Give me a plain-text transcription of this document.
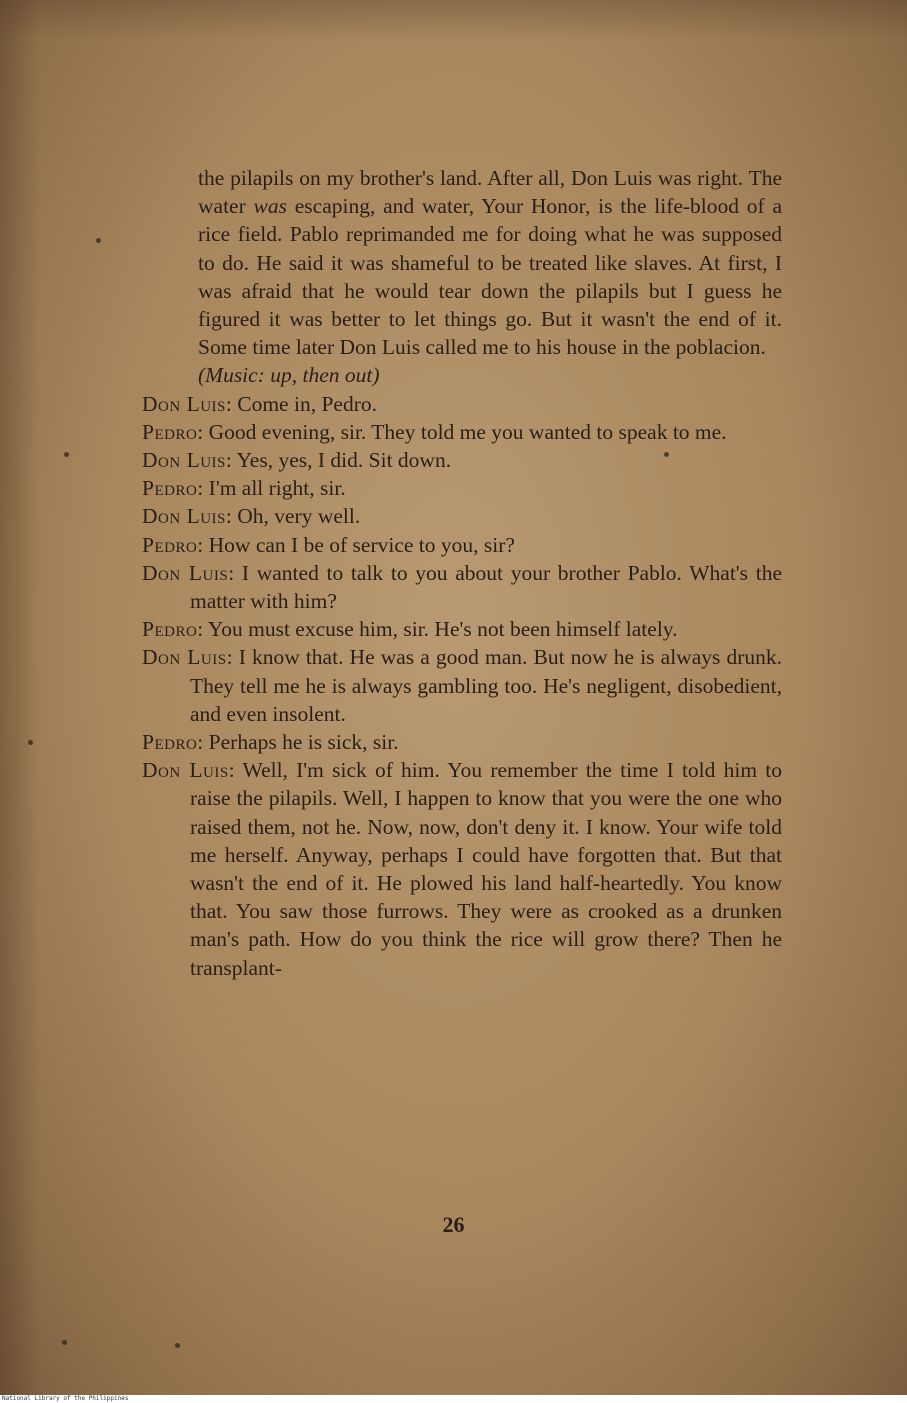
the pilapils on my brother's land. After all, Don Luis was right. The water was escaping, and water, Your Honor, is the life-blood of a rice field. Pablo reprimanded me for doing what he was supposed to do. He said it was shameful to be treated like slaves. At first, I was afraid that he would tear down the pilapils but I guess he figured it was better to let things go. But it wasn't the end of it. Some time later Don Luis called me to his house in the poblacion.

(Music: up, then out)

Don Luis: Come in, Pedro.

Pedro: Good evening, sir. They told me you wanted to speak to me.

Don Luis: Yes, yes, I did. Sit down.

Pedro: I'm all right, sir.

Don Luis: Oh, very well.

Pedro: How can I be of service to you, sir?

Don Luis: I wanted to talk to you about your brother Pablo. What's the matter with him?

Pedro: You must excuse him, sir. He's not been himself lately.

Don Luis: I know that. He was a good man. But now he is always drunk. They tell me he is always gambling too. He's negligent, disobedient, and even insolent.

Pedro: Perhaps he is sick, sir.

Don Luis: Well, I'm sick of him. You remember the time I told him to raise the pilapils. Well, I happen to know that you were the one who raised them, not he. Now, now, don't deny it. I know. Your wife told me herself. Anyway, perhaps I could have forgotten that. But that wasn't the end of it. He plowed his land half-heartedly. You know that. You saw those furrows. They were as crooked as a drunken man's path. How do you think the rice will grow there? Then he transplant-

26
National Library of the Philippines
